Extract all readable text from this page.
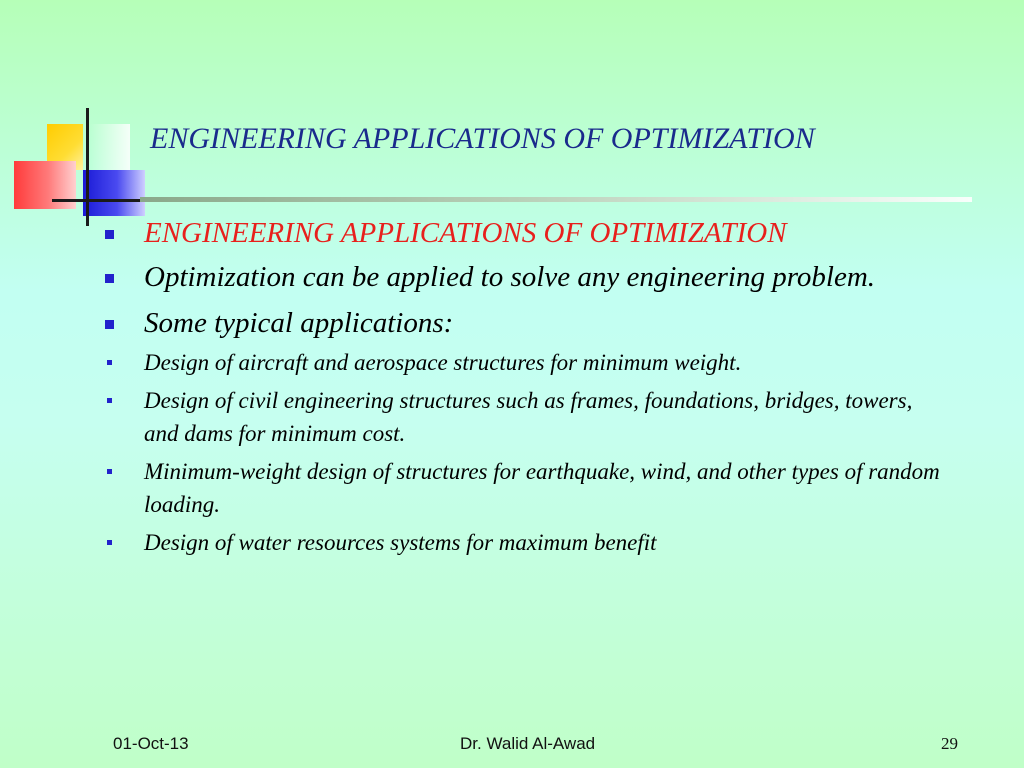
ENGINEERING APPLICATIONS OF OPTIMIZATION
ENGINEERING APPLICATIONS OF OPTIMIZATION
Optimization can be applied to solve any engineering problem.
Some typical applications:
Design of aircraft and aerospace structures for minimum weight.
Design of civil engineering structures such as frames, foundations, bridges, towers,   and dams for minimum cost.
Minimum-weight design of structures for earthquake, wind, and other types of random loading.
Design of water resources systems for maximum benefit
01-Oct-13	Dr. Walid Al-Awad	29
